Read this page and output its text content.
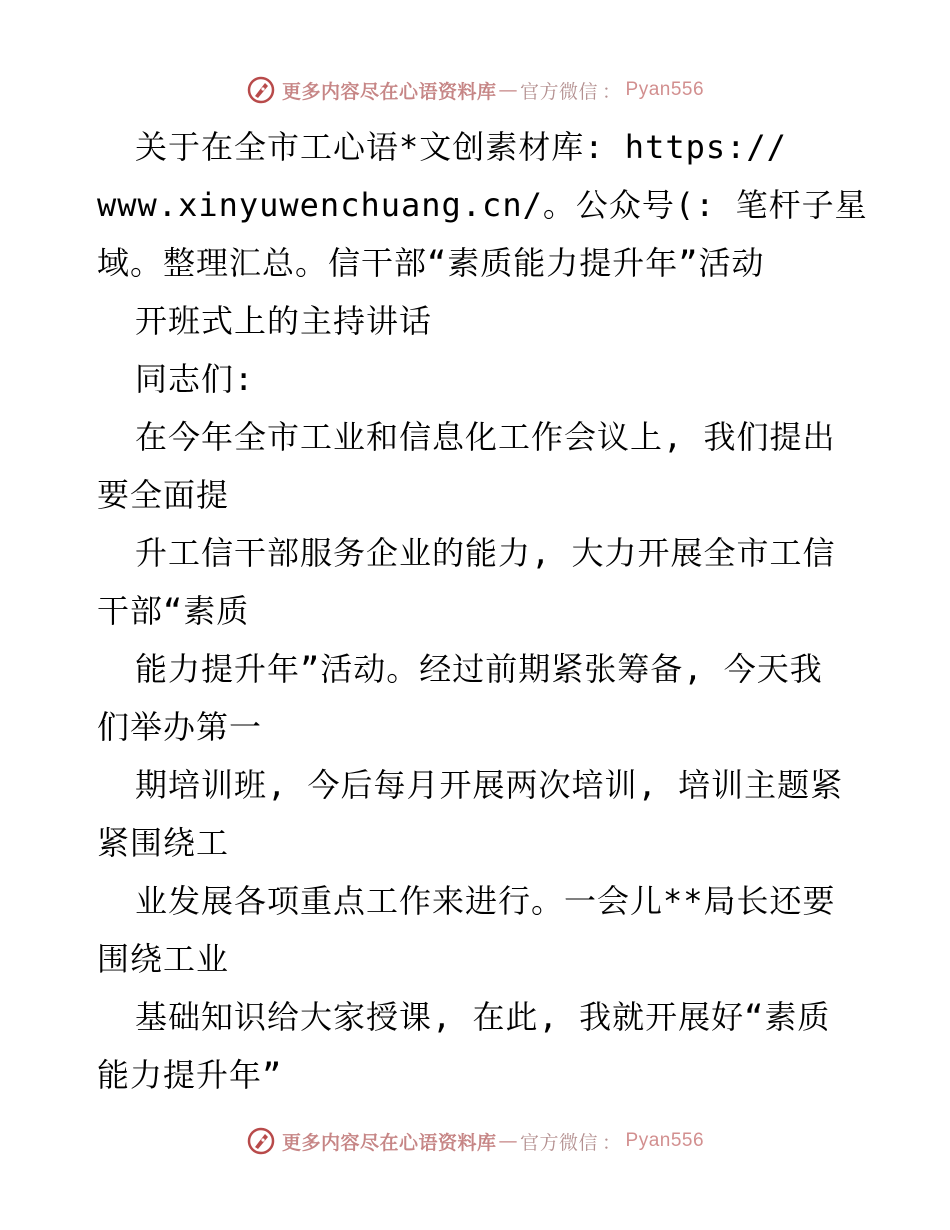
更多内容尽在心语资料库 — 官方微信 ： Pyan556
关于在全市工心语*文创素材库: https://
www.xinyuwenchuang.cn/。公众号(: 笔杆子星
域。整理汇总。信干部“素质能力提升年”活动
开班式上的主持讲话
同志们:
在今年全市工业和信息化工作会议上, 我们提出
要全面提
升工信干部服务企业的能力, 大力开展全市工信
干部“素质
能力提升年”活动。经过前期紧张筹备, 今天我
们举办第一
期培训班, 今后每月开展两次培训, 培训主题紧
紧围绕工
业发展各项重点工作来进行。一会儿**局长还要
围绕工业
基础知识给大家授课, 在此, 我就开展好“素质
能力提升年”
更多内容尽在心语资料库 — 官方微信 ： Pyan556
